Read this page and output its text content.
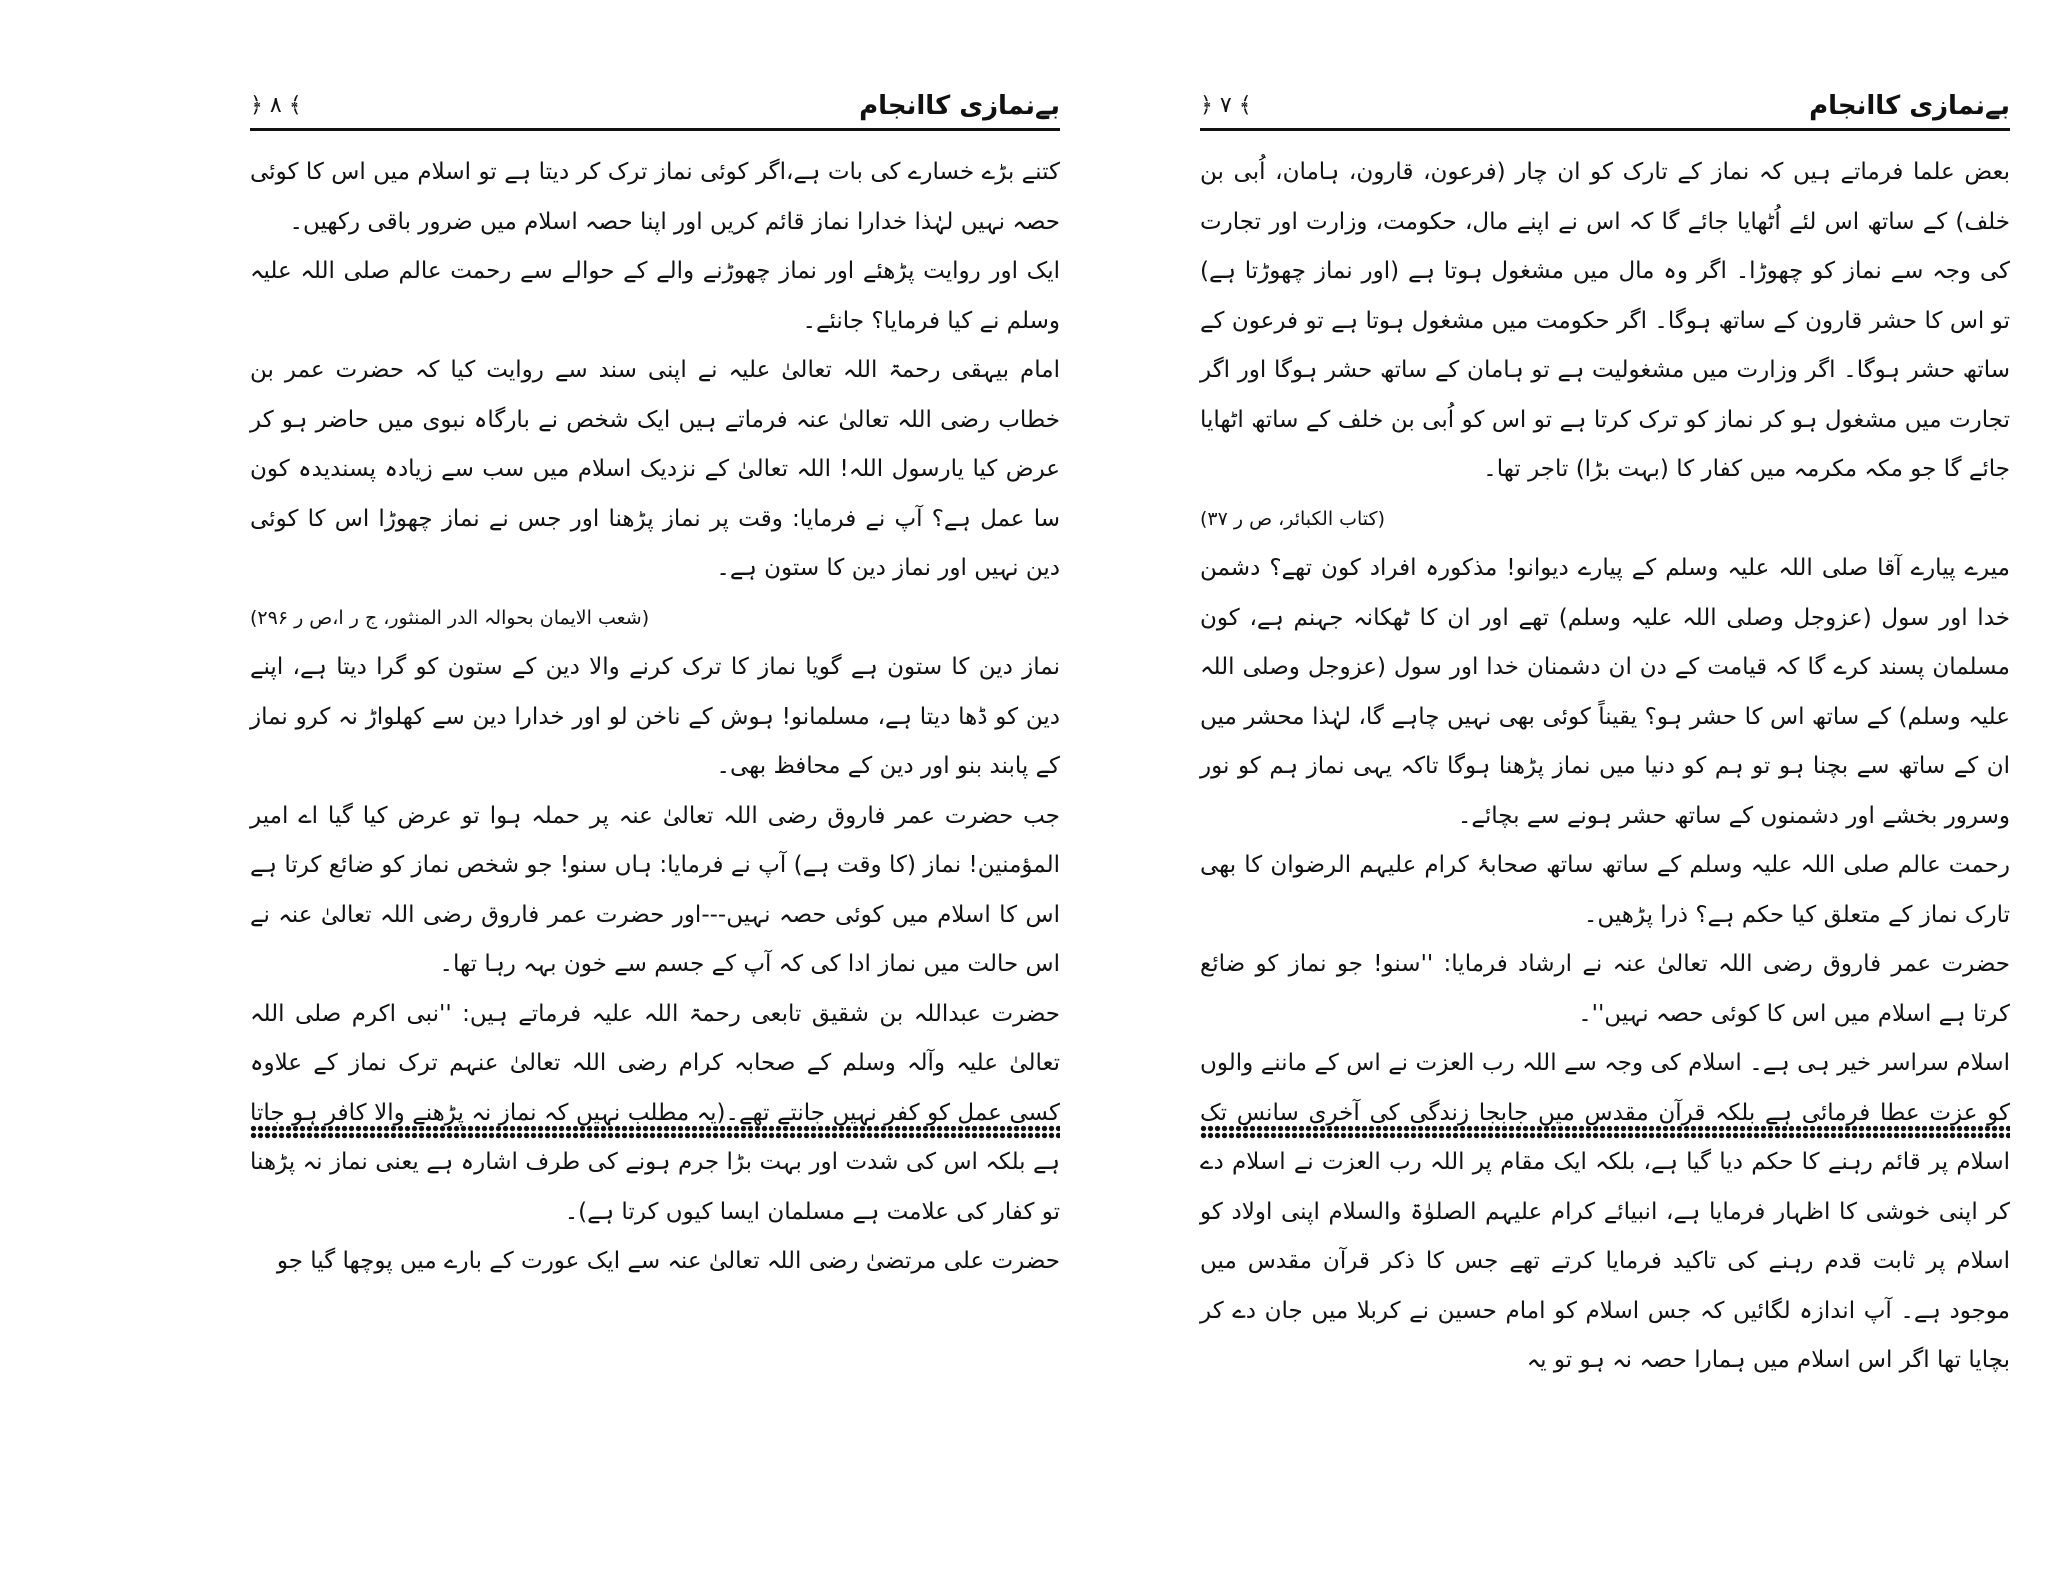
بےنمازی کاانجام
﴿ ۸ ﴾

کتنے بڑے خسارے کی بات ہے،اگر کوئی نماز ترک کر دیتا ہے تو اسلام میں اس کا کوئی حصہ نہیں لہٰذا خدارا نماز قائم کریں اور اپنا حصہ اسلام میں ضرور باقی رکھیں۔

ایک اور روایت پڑھئے اور نماز چھوڑنے والے کے حوالے سے رحمت عالم صلی اللہ علیہ وسلم نے کیا فرمایا؟ جانئے۔

امام بیہقی رحمۃ اللہ تعالیٰ علیہ نے اپنی سند سے روایت کیا کہ حضرت عمر بن خطاب رضی اللہ تعالیٰ عنہ فرماتے ہیں ایک شخص نے بارگاہ نبوی میں حاضر ہو کر عرض کیا یارسول اللہ! اللہ تعالیٰ کے نزدیک اسلام میں سب سے زیادہ پسندیدہ کون سا عمل ہے؟ آپ نے فرمایا: وقت پر نماز پڑھنا اور جس نے نماز چھوڑا اس کا کوئی دین نہیں اور نماز دین کا ستون ہے۔

(شعب الایمان بحوالہ الدر المنثور، ج ر ا،ص ر ۲۹۶)

نماز دین کا ستون ہے گویا نماز کا ترک کرنے والا دین کے ستون کو گرا دیتا ہے، اپنے دین کو ڈھا دیتا ہے، مسلمانو! ہوش کے ناخن لو اور خدارا دین سے کھلواڑ نہ کرو نماز کے پابند بنو اور دین کے محافظ بھی۔

جب حضرت عمر فاروق رضی اللہ تعالیٰ عنہ پر حملہ ہوا تو عرض کیا گیا اے امیر المؤمنین! نماز (کا وقت ہے) آپ نے فرمایا: ہاں سنو! جو شخص نماز کو ضائع کرتا ہے اس کا اسلام میں کوئی حصہ نہیں---اور حضرت عمر فاروق رضی اللہ تعالیٰ عنہ نے اس حالت میں نماز ادا کی کہ آپ کے جسم سے خون بہہ رہا تھا۔

حضرت عبداللہ بن شقیق تابعی رحمۃ اللہ علیہ فرماتے ہیں: ''نبی اکرم صلی اللہ تعالیٰ علیہ وآلہ وسلم کے صحابہ کرام رضی اللہ تعالیٰ عنہم ترک نماز کے علاوہ کسی عمل کو کفر نہیں جانتے تھے۔(یہ مطلب نہیں کہ نماز نہ پڑھنے والا کافر ہو جاتا ہے بلکہ اس کی شدت اور بہت بڑا جرم ہونے کی طرف اشارہ ہے یعنی نماز نہ پڑھنا تو کفار کی علامت ہے مسلمان ایسا کیوں کرتا ہے)۔

حضرت علی مرتضیٰ رضی اللہ تعالیٰ عنہ سے ایک عورت کے بارے میں پوچھا گیا جو

بےنمازی کاانجام
﴿ ۷ ﴾

بعض علما فرماتے ہیں کہ نماز کے تارک کو ان چار (فرعون، قارون، ہامان، اُبی بن خلف) کے ساتھ اس لئے اُٹھایا جائے گا کہ اس نے اپنے مال، حکومت، وزارت اور تجارت کی وجہ سے نماز کو چھوڑا۔ اگر وہ مال میں مشغول ہوتا ہے (اور نماز چھوڑتا ہے) تو اس کا حشر قارون کے ساتھ ہوگا۔ اگر حکومت میں مشغول ہوتا ہے تو فرعون کے ساتھ حشر ہوگا۔ اگر وزارت میں مشغولیت ہے تو ہامان کے ساتھ حشر ہوگا اور اگر تجارت میں مشغول ہو کر نماز کو ترک کرتا ہے تو اس کو اُبی بن خلف کے ساتھ اٹھایا جائے گا جو مکہ مکرمہ میں کفار کا (بہت بڑا) تاجر تھا۔

(کتاب الکبائر، ص ر ۳۷)

میرے پیارے آقا صلی اللہ علیہ وسلم کے پیارے دیوانو! مذکورہ افراد کون تھے؟ دشمن خدا اور سول (عزوجل وصلی اللہ علیہ وسلم) تھے اور ان کا ٹھکانہ جہنم ہے، کون مسلمان پسند کرے گا کہ قیامت کے دن ان دشمنان خدا اور سول (عزوجل وصلی اللہ علیہ وسلم) کے ساتھ اس کا حشر ہو؟ یقیناً کوئی بھی نہیں چاہے گا، لہٰذا محشر میں ان کے ساتھ سے بچنا ہو تو ہم کو دنیا میں نماز پڑھنا ہوگا تاکہ یہی نماز ہم کو نور وسرور بخشے اور دشمنوں کے ساتھ حشر ہونے سے بچائے۔

رحمت عالم صلی اللہ علیہ وسلم کے ساتھ ساتھ صحابۂ کرام علیہم الرضوان کا بھی تارک نماز کے متعلق کیا حکم ہے؟ ذرا پڑھیں۔

حضرت عمر فاروق رضی اللہ تعالیٰ عنہ نے ارشاد فرمایا: ''سنو! جو نماز کو ضائع کرتا ہے اسلام میں اس کا کوئی حصہ نہیں''۔

اسلام سراسر خیر ہی ہے۔ اسلام کی وجہ سے اللہ رب العزت نے اس کے ماننے والوں کو عزت عطا فرمائی ہے بلکہ قرآن مقدس میں جابجا زندگی کی آخری سانس تک اسلام پر قائم رہنے کا حکم دیا گیا ہے، بلکہ ایک مقام پر اللہ رب العزت نے اسلام دے کر اپنی خوشی کا اظہار فرمایا ہے، انبیائے کرام علیہم الصلوٰۃ والسلام اپنی اولاد کو اسلام پر ثابت قدم رہنے کی تاکید فرمایا کرتے تھے جس کا ذکر قرآن مقدس میں موجود ہے۔ آپ اندازہ لگائیں کہ جس اسلام کو امام حسین نے کربلا میں جان دے کر بچایا تھا اگر اس اسلام میں ہمارا حصہ نہ ہو تو یہ
